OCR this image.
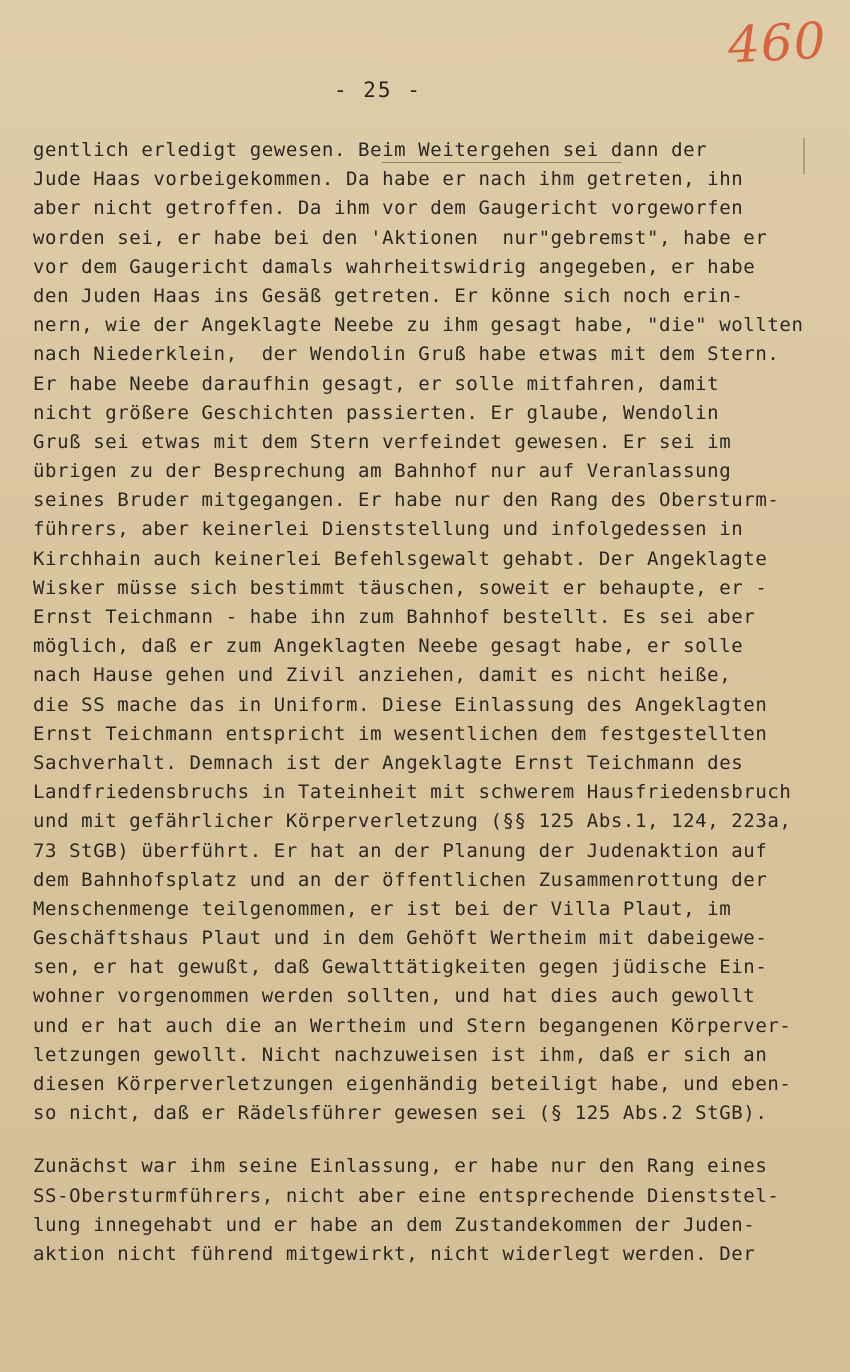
460
- 25 -
gentlich erledigt gewesen. Beim Weitergehen sei dann der
Jude Haas vorbeigekommen. Da habe er nach ihm getreten, ihn
aber nicht getroffen. Da ihm vor dem Gaugericht vorgeworfen
worden sei, er habe bei den 'Aktionen  nur"gebremst", habe er
vor dem Gaugericht damals wahrheitswidrig angegeben, er habe
den Juden Haas ins Gesäß getreten. Er könne sich noch erin-
nern, wie der Angeklagte Neebe zu ihm gesagt habe, "die" wollten
nach Niederklein,  der Wendolin Gruß habe etwas mit dem Stern.
Er habe Neebe daraufhin gesagt, er solle mitfahren, damit
nicht größere Geschichten passierten. Er glaube, Wendolin
Gruß sei etwas mit dem Stern verfeindet gewesen. Er sei im
übrigen zu der Besprechung am Bahnhof nur auf Veranlassung
seines Bruder mitgegangen. Er habe nur den Rang des Obersturm-
führers, aber keinerlei Dienststellung und infolgedessen in
Kirchhain auch keinerlei Befehlsgewalt gehabt. Der Angeklagte
Wisker müsse sich bestimmt täuschen, soweit er behaupte, er -
Ernst Teichmann - habe ihn zum Bahnhof bestellt. Es sei aber
möglich, daß er zum Angeklagten Neebe gesagt habe, er solle
nach Hause gehen und Zivil anziehen, damit es nicht heiße,
die SS mache das in Uniform. Diese Einlassung des Angeklagten
Ernst Teichmann entspricht im wesentlichen dem festgestellten
Sachverhalt. Demnach ist der Angeklagte Ernst Teichmann des
Landfriedensbruchs in Tateinheit mit schwerem Hausfriedensbruch
und mit gefährlicher Körperverletzung (§§ 125 Abs.1, 124, 223a,
73 StGB) überführt. Er hat an der Planung der Judenaktion auf
dem Bahnhofsplatz und an der öffentlichen Zusammenrottung der
Menschenmenge teilgenommen, er ist bei der Villa Plaut, im
Geschäftshaus Plaut und in dem Gehöft Wertheim mit dabeigewe-
sen, er hat gewußt, daß Gewalttätigkeiten gegen jüdische Ein-
wohner vorgenommen werden sollten, und hat dies auch gewollt
und er hat auch die an Wertheim und Stern begangenen Körperver-
letzungen gewollt. Nicht nachzuweisen ist ihm, daß er sich an
diesen Körperverletzungen eigenhändig beteiligt habe, und eben-
so nicht, daß er Rädelsführer gewesen sei (§ 125 Abs.2 StGB).
Zunächst war ihm seine Einlassung, er habe nur den Rang eines
SS-Obersturmführers, nicht aber eine entsprechende Dienststel-
lung innegehabt und er habe an dem Zustandekommen der Juden-
aktion nicht führend mitgewirkt, nicht widerlegt werden. Der
